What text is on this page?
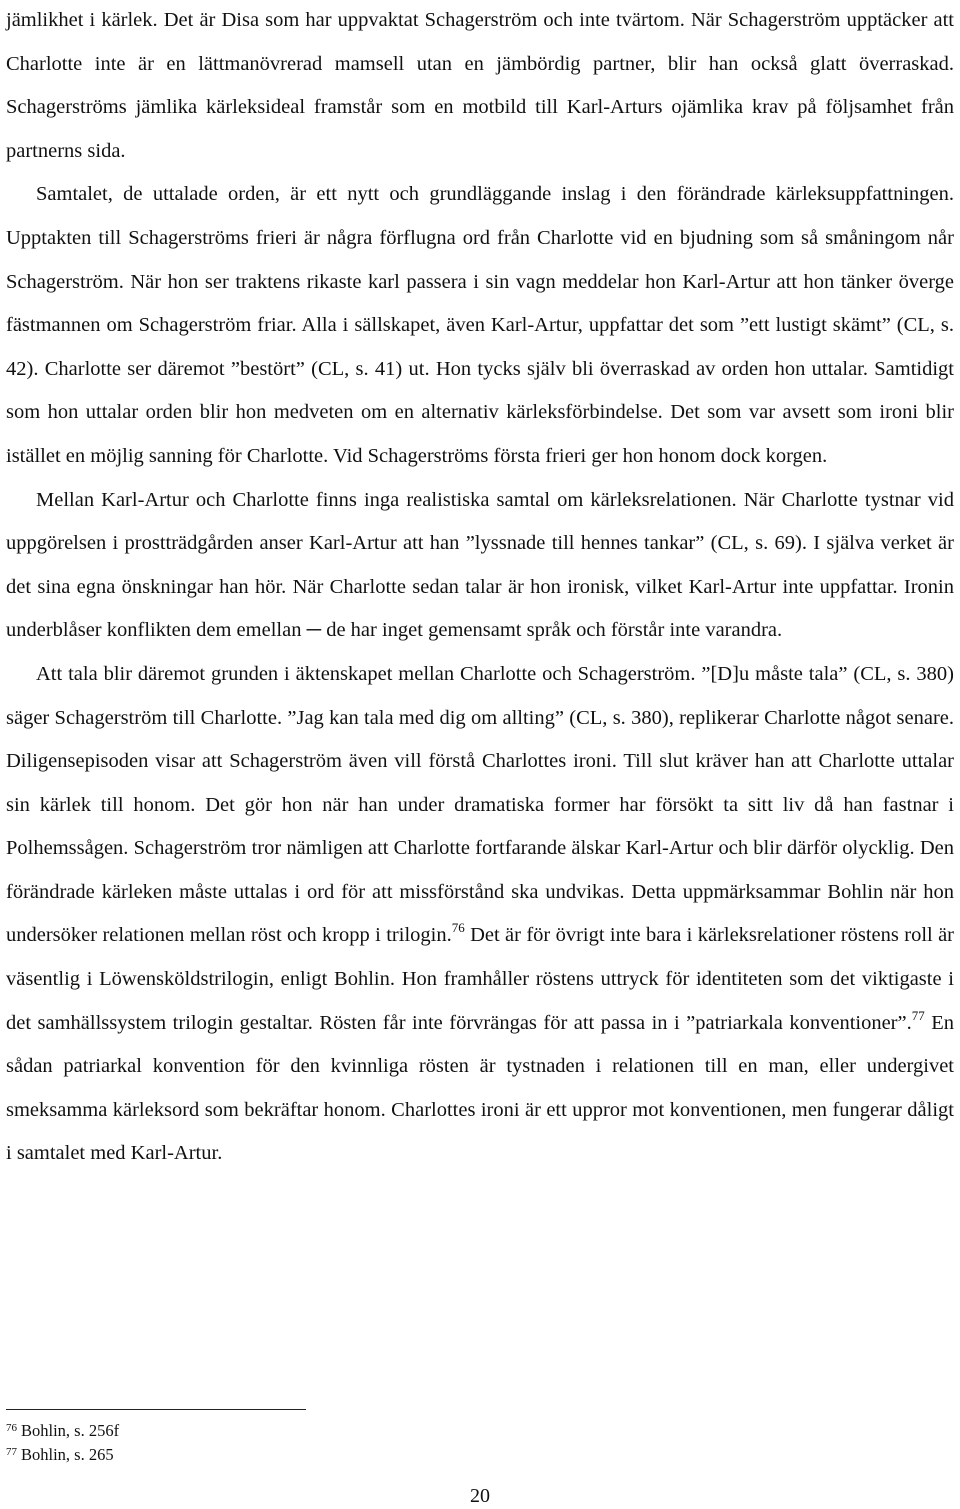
jämlikhet i kärlek. Det är Disa som har uppvaktat Schagerström och inte tvärtom. När Schagerström upptäcker att Charlotte inte är en lättmanövrerad mamsell utan en jämbördig partner, blir han också glatt överraskad. Schagerströms jämlika kärleksideal framstår som en motbild till Karl-Arturs ojämlika krav på följsamhet från partnerns sida.

Samtalet, de uttalade orden, är ett nytt och grundläggande inslag i den förändrade kärleksuppfattningen. Upptakten till Schagerströms frieri är några förflugna ord från Charlotte vid en bjudning som så småningom når Schagerström. När hon ser traktens rikaste karl passera i sin vagn meddelar hon Karl-Artur att hon tänker överge fästmannen om Schagerström friar. Alla i sällskapet, även Karl-Artur, uppfattar det som ”ett lustigt skämt” (CL, s. 42). Charlotte ser däremot ”bestört” (CL, s. 41) ut. Hon tycks själv bli överraskad av orden hon uttalar. Samtidigt som hon uttalar orden blir hon medveten om en alternativ kärleksförbindelse. Det som var avsett som ironi blir istället en möjlig sanning för Charlotte. Vid Schagerströms första frieri ger hon honom dock korgen.

Mellan Karl-Artur och Charlotte finns inga realistiska samtal om kärleksrelationen. När Charlotte tystnar vid uppgörelsen i prostträdgården anser Karl-Artur att han ”lyssnade till hennes tankar” (CL, s. 69). I själva verket är det sina egna önskningar han hör. När Charlotte sedan talar är hon ironisk, vilket Karl-Artur inte uppfattar. Ironin underblåser konflikten dem emellan ─ de har inget gemensamt språk och förstår inte varandra.

Att tala blir däremot grunden i äktenskapet mellan Charlotte och Schagerström. ”[D]u måste tala” (CL, s. 380) säger Schagerström till Charlotte. ”Jag kan tala med dig om allting” (CL, s. 380), replikerar Charlotte något senare. Diligensepisoden visar att Schagerström även vill förstå Charlottes ironi. Till slut kräver han att Charlotte uttalar sin kärlek till honom. Det gör hon när han under dramatiska former har försökt ta sitt liv då han fastnar i Polhemssågen. Schagerström tror nämligen att Charlotte fortfarande älskar Karl-Artur och blir därför olycklig. Den förändrade kärleken måste uttalas i ord för att missförstånd ska undvikas. Detta uppmärksammar Bohlin när hon undersöker relationen mellan röst och kropp i trilogin.$^{76}$ Det är för övrigt inte bara i kärleksrelationer röstens roll är väsentlig i Löwensköldstrilogin, enligt Bohlin. Hon framhåller röstens uttryck för identiteten som det viktigaste i det samhällssystem trilogin gestaltar. Rösten får inte förvrängas för att passa in i ”patriarkala konventioner”.$^{77}$ En sådan patriarkal konvention för den kvinnliga rösten är tystnaden i relationen till en man, eller undergivet smeksamma kärleksord som bekräftar honom. Charlottes ironi är ett uppror mot konventionen, men fungerar dåligt i samtalet med Karl-Artur.

$^{76}$ Bohlin, s. 256f

$^{77}$ Bohlin, s. 265

20
